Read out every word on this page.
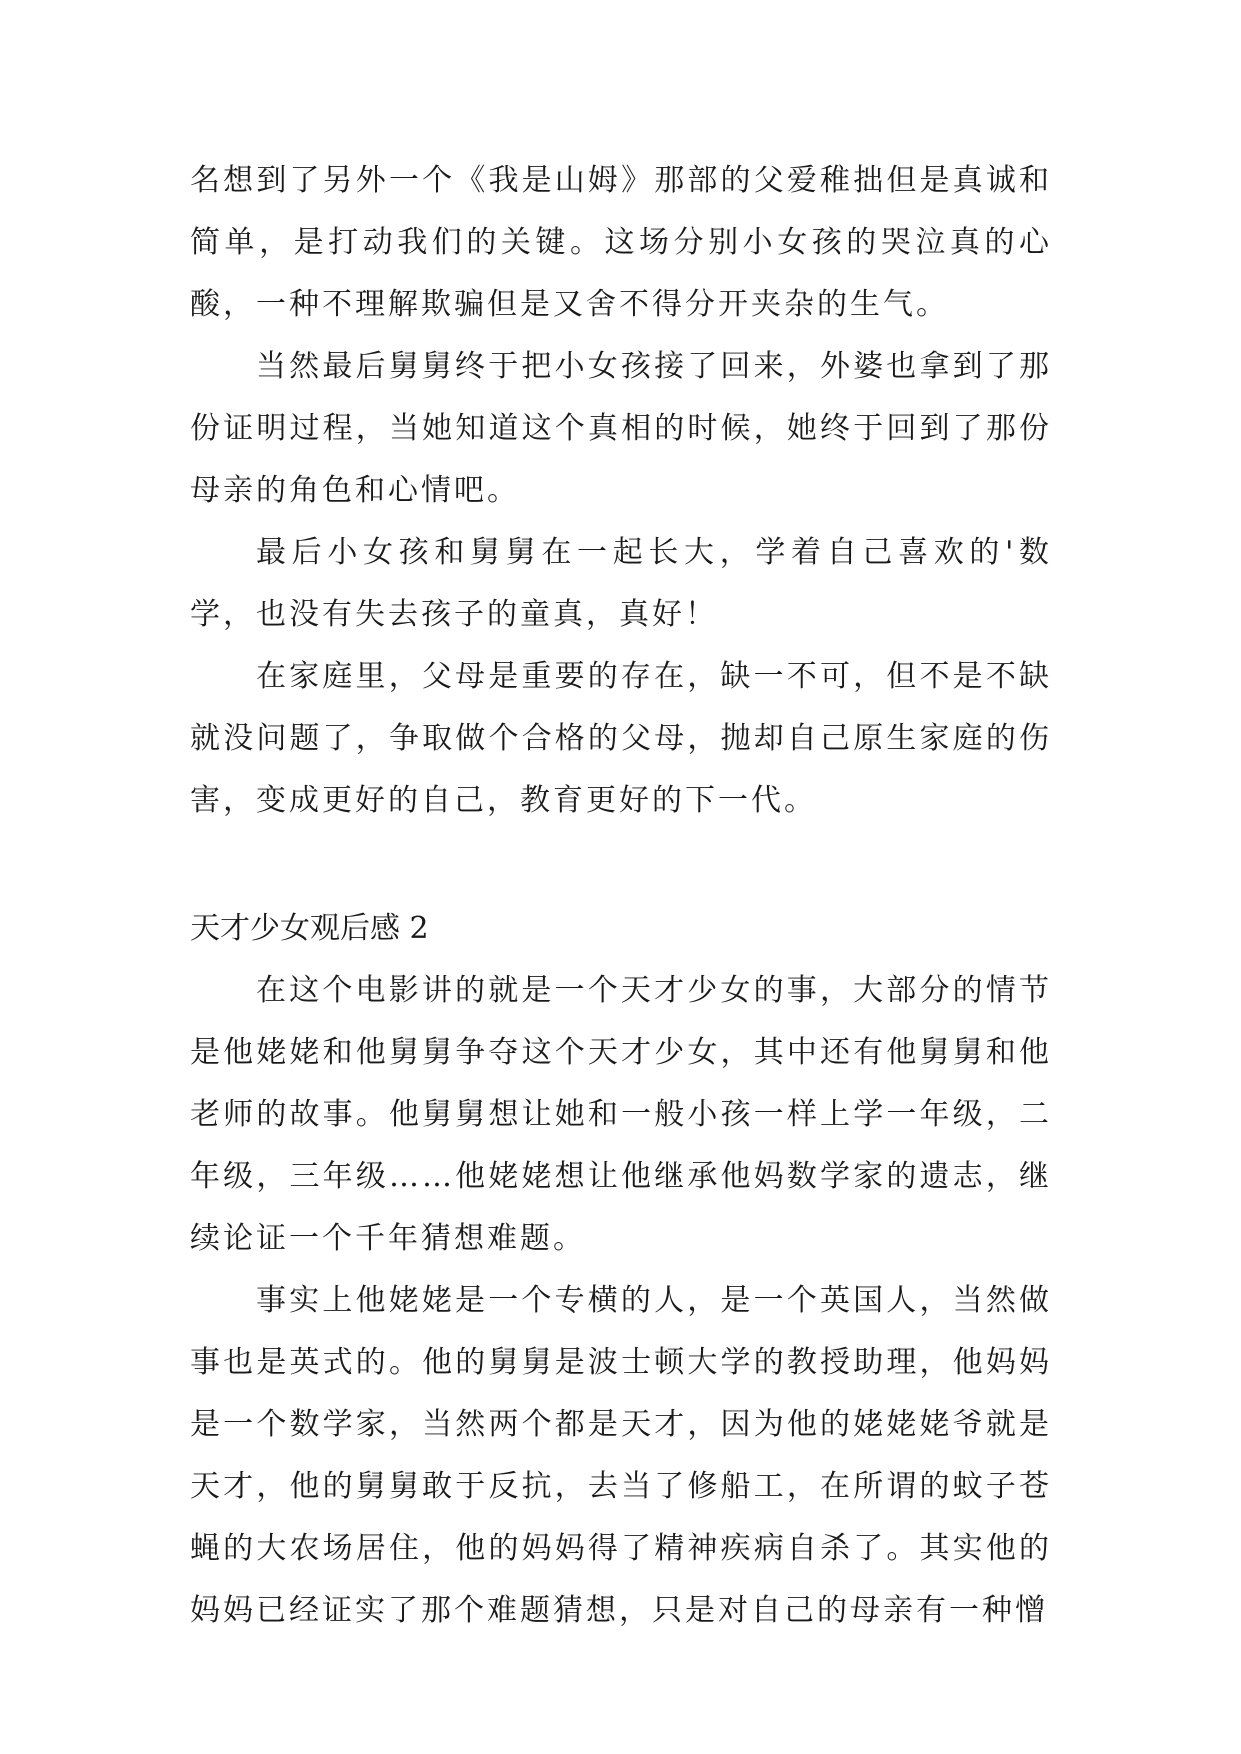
名想到了另外一个《我是山姆》那部的父爱稚拙但是真诚和简单，是打动我们的关键。这场分别小女孩的哭泣真的心酸，一种不理解欺骗但是又舍不得分开夹杂的生气。

当然最后舅舅终于把小女孩接了回来，外婆也拿到了那份证明过程，当她知道这个真相的时候，她终于回到了那份母亲的角色和心情吧。

最后小女孩和舅舅在一起长大，学着自己喜欢的'数学，也没有失去孩子的童真，真好！

在家庭里，父母是重要的存在，缺一不可，但不是不缺就没问题了，争取做个合格的父母，抛却自己原生家庭的伤害，变成更好的自己，教育更好的下一代。

天才少女观后感 2

在这个电影讲的就是一个天才少女的事，大部分的情节是他姥姥和他舅舅争夺这个天才少女，其中还有他舅舅和他老师的故事。他舅舅想让她和一般小孩一样上学一年级，二年级，三年级……他姥姥想让他继承他妈数学家的遗志，继续论证一个千年猜想难题。

事实上他姥姥是一个专横的人，是一个英国人，当然做事也是英式的。他的舅舅是波士顿大学的教授助理，他妈妈是一个数学家，当然两个都是天才，因为他的姥姥姥爷就是天才，他的舅舅敢于反抗，去当了修船工，在所谓的蚊子苍蝇的大农场居住，他的妈妈得了精神疾病自杀了。其实他的妈妈已经证实了那个难题猜想，只是对自己的母亲有一种憎
